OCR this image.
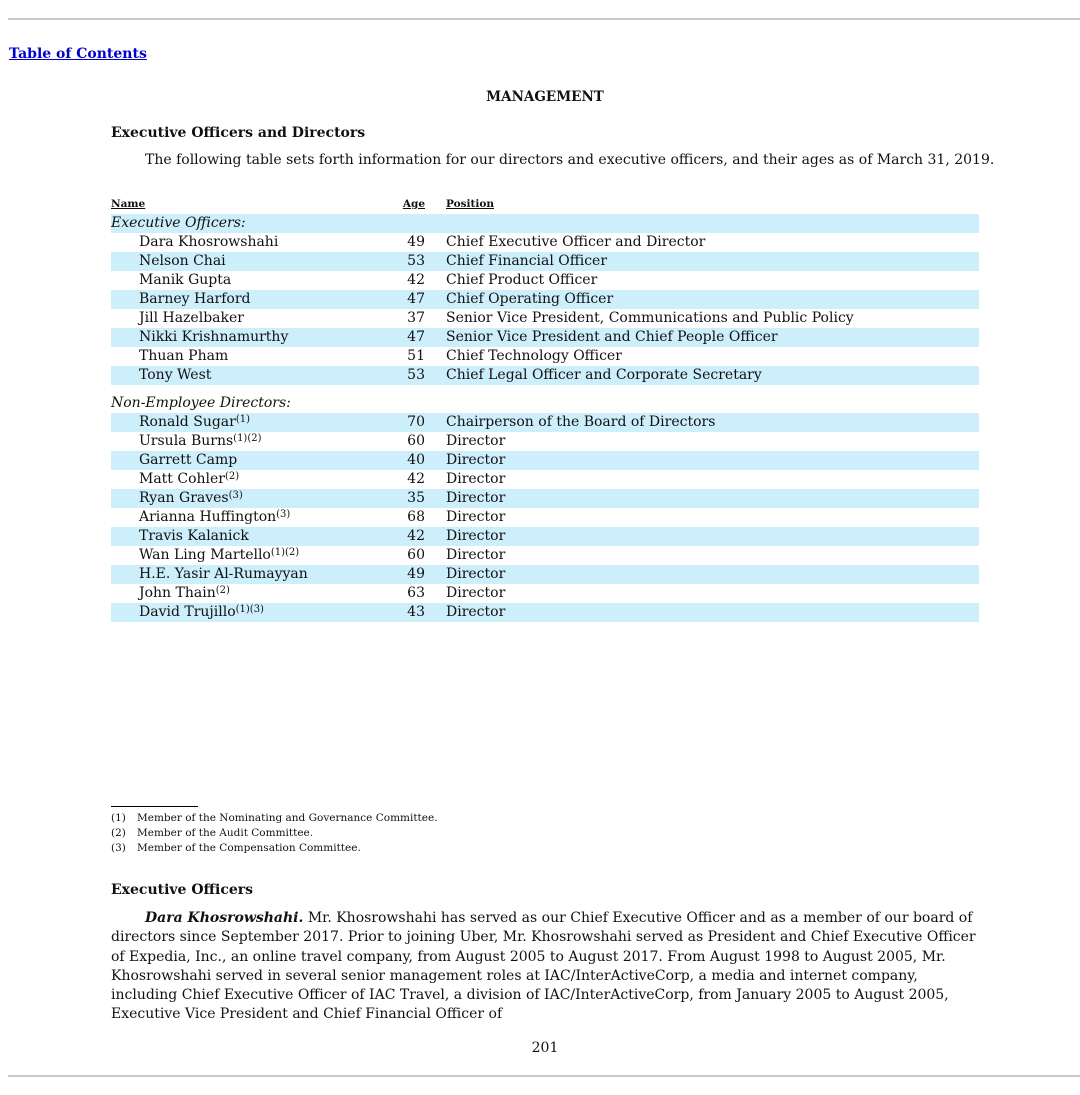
Table of Contents
MANAGEMENT
Executive Officers and Directors
The following table sets forth information for our directors and executive officers, and their ages as of March 31, 2019.
Name		Age		Position
Executive Officers:				
Dara Khosrowshahi		49		Chief Executive Officer and Director
Nelson Chai		53		Chief Financial Officer
Manik Gupta		42		Chief Product Officer
Barney Harford		47		Chief Operating Officer
Jill Hazelbaker		37		Senior Vice President, Communications and Public Policy
Nikki Krishnamurthy		47		Senior Vice President and Chief People Officer
Thuan Pham		51		Chief Technology Officer
Tony West		53		Chief Legal Officer and Corporate Secretary

Non-Employee Directors:				
Ronald Sugar$^{(1)}$		70		Chairperson of the Board of Directors
Ursula Burns$^{(1)(2)}$		60		Director
Garrett Camp		40		Director
Matt Cohler$^{(2)}$		42		Director
Ryan Graves$^{(3)}$		35		Director
Arianna Huffington$^{(3)}$		68		Director
Travis Kalanick		42		Director
Wan Ling Martello$^{(1)(2)}$		60		Director
H.E. Yasir Al-Rumayyan		49		Director
John Thain$^{(2)}$		63		Director
David Trujillo$^{(1)(3)}$		43		Director
(1) Member of the Nominating and Governance Committee.
(2) Member of the Audit Committee.
(3) Member of the Compensation Committee.
Executive Officers
Dara Khosrowshahi. Mr. Khosrowshahi has served as our Chief Executive Officer and as a member of our board of directors since September 2017. Prior to joining Uber, Mr. Khosrowshahi served as President and Chief Executive Officer of Expedia, Inc., an online travel company, from August 2005 to August 2017. From August 1998 to August 2005, Mr. Khosrowshahi served in several senior management roles at IAC/InterActiveCorp, a media and internet company, including Chief Executive Officer of IAC Travel, a division of IAC/InterActiveCorp, from January 2005 to August 2005, Executive Vice President and Chief Financial Officer of
201
